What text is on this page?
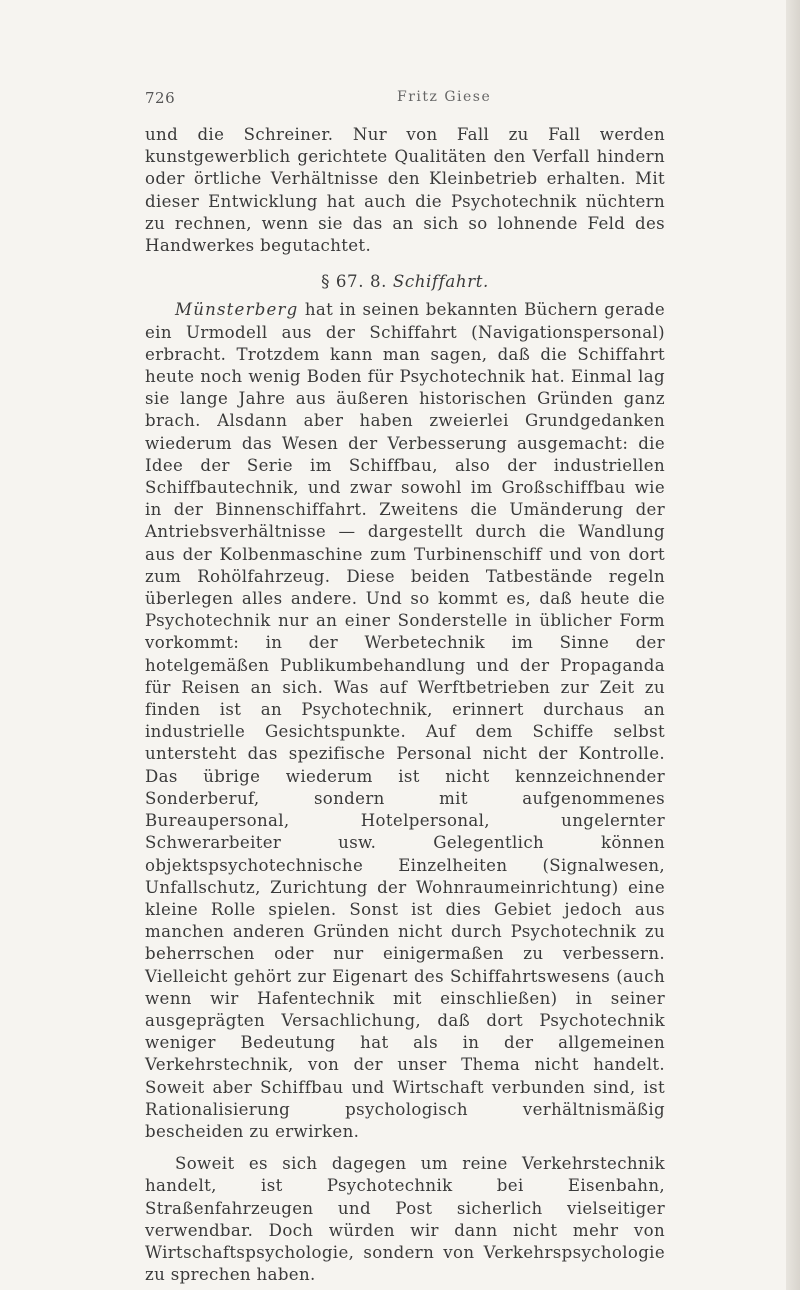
726	Fritz Giese

und die Schreiner. Nur von Fall zu Fall werden kunstgewerblich gerichtete Qualitäten den Verfall hindern oder örtliche Verhältnisse den Kleinbetrieb erhalten. Mit dieser Entwicklung hat auch die Psychotechnik nüchtern zu rechnen, wenn sie das an sich so lohnende Feld des Handwerkes begutachtet.

§ 67. 8. Schiffahrt.

Münsterberg hat in seinen bekannten Büchern gerade ein Urmodell aus der Schiffahrt (Navigationspersonal) erbracht. Trotzdem kann man sagen, daß die Schiffahrt heute noch wenig Boden für Psychotechnik hat. Einmal lag sie lange Jahre aus äußeren historischen Gründen ganz brach. Alsdann aber haben zweierlei Grundgedanken wiederum das Wesen der Verbesserung ausgemacht: die Idee der Serie im Schiffbau, also der industriellen Schiffbautechnik, und zwar sowohl im Großschiffbau wie in der Binnenschiffahrt. Zweitens die Umänderung der Antriebsverhältnisse — dargestellt durch die Wandlung aus der Kolbenmaschine zum Turbinenschiff und von dort zum Rohölfahrzeug. Diese beiden Tatbestände regeln überlegen alles andere. Und so kommt es, daß heute die Psychotechnik nur an einer Sonderstelle in üblicher Form vorkommt: in der Werbetechnik im Sinne der hotelgemäßen Publikumbehandlung und der Propaganda für Reisen an sich. Was auf Werftbetrieben zur Zeit zu finden ist an Psychotechnik, erinnert durchaus an industrielle Gesichtspunkte. Auf dem Schiffe selbst untersteht das spezifische Personal nicht der Kontrolle. Das übrige wiederum ist nicht kennzeichnender Sonderberuf, sondern mit aufgenommenes Bureaupersonal, Hotelpersonal, ungelernter Schwerarbeiter usw. Gelegentlich können objektspsychotechnische Einzelheiten (Signalwesen, Unfallschutz, Zurichtung der Wohnraumeinrichtung) eine kleine Rolle spielen. Sonst ist dies Gebiet jedoch aus manchen anderen Gründen nicht durch Psychotechnik zu beherrschen oder nur einigermaßen zu verbessern. Vielleicht gehört zur Eigenart des Schiffahrtswesens (auch wenn wir Hafentechnik mit einschließen) in seiner ausgeprägten Versachlichung, daß dort Psychotechnik weniger Bedeutung hat als in der allgemeinen Verkehrstechnik, von der unser Thema nicht handelt. Soweit aber Schiffbau und Wirtschaft verbunden sind, ist Rationalisierung psychologisch verhältnismäßig bescheiden zu erwirken.

Soweit es sich dagegen um reine Verkehrstechnik handelt, ist Psychotechnik bei Eisenbahn, Straßenfahrzeugen und Post sicherlich vielseitiger verwendbar. Doch würden wir dann nicht mehr von Wirtschaftspsychologie, sondern von Verkehrspsychologie zu sprechen haben.
